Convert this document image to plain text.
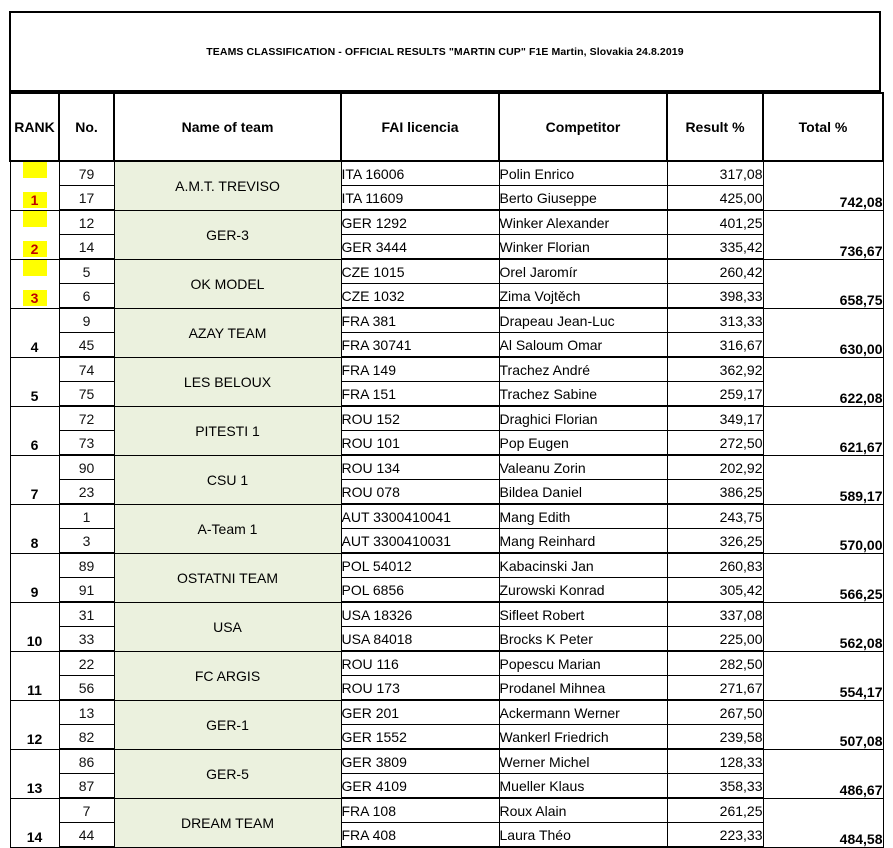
TEAMS CLASSIFICATION - OFFICIAL RESULTS "MARTIN CUP" F1E Martin, Slovakia 24.8.2019
RANK	No.	Name of team	FAI licencia	Competitor	Result %	Total %

1	79	A.M.T. TREVISO	ITA 16006	Polin Enrico	317,08	742,08
	17		ITA 11609	Berto Giuseppe	425,00	

2	12	GER-3	GER 1292	Winker Alexander	401,25	736,67
	14		GER 3444	Winker Florian	335,42	

3	5	OK MODEL	CZE 1015	Orel Jaromír	260,42	658,75
	6		CZE 1032	Zima Vojtěch	398,33	
4	9	AZAY TEAM	FRA 381	Drapeau Jean-Luc	313,33	630,00
	45		FRA 30741	Al Saloum Omar	316,67	
5	74	LES BELOUX	FRA 149	Trachez André	362,92	622,08
	75		FRA 151	Trachez Sabine	259,17	
6	72	PITESTI 1	ROU 152	Draghici Florian	349,17	621,67
	73		ROU 101	Pop Eugen	272,50	
7	90	CSU 1	ROU 134	Valeanu Zorin	202,92	589,17
	23		ROU 078	Bildea Daniel	386,25	
8	1	A-Team 1	AUT 3300410041	Mang Edith	243,75	570,00
	3		AUT 3300410031	Mang Reinhard	326,25	
9	89	OSTATNI TEAM	POL 54012	Kabacinski Jan	260,83	566,25
	91		POL 6856	Zurowski Konrad	305,42	
10	31	USA	USA 18326	Sifleet Robert	337,08	562,08
	33		USA 84018	Brocks K Peter	225,00	
11	22	FC ARGIS	ROU 116	Popescu Marian	282,50	554,17
	56		ROU 173	Prodanel Mihnea	271,67	
12	13	GER-1	GER 201	Ackermann Werner	267,50	507,08
	82		GER 1552	Wankerl Friedrich	239,58	
13	86	GER-5	GER 3809	Werner Michel	128,33	486,67
	87		GER 4109	Mueller Klaus	358,33	
14	7	DREAM TEAM	FRA 108	Roux Alain	261,25	484,58
	44		FRA 408	Laura Théo	223,33	
